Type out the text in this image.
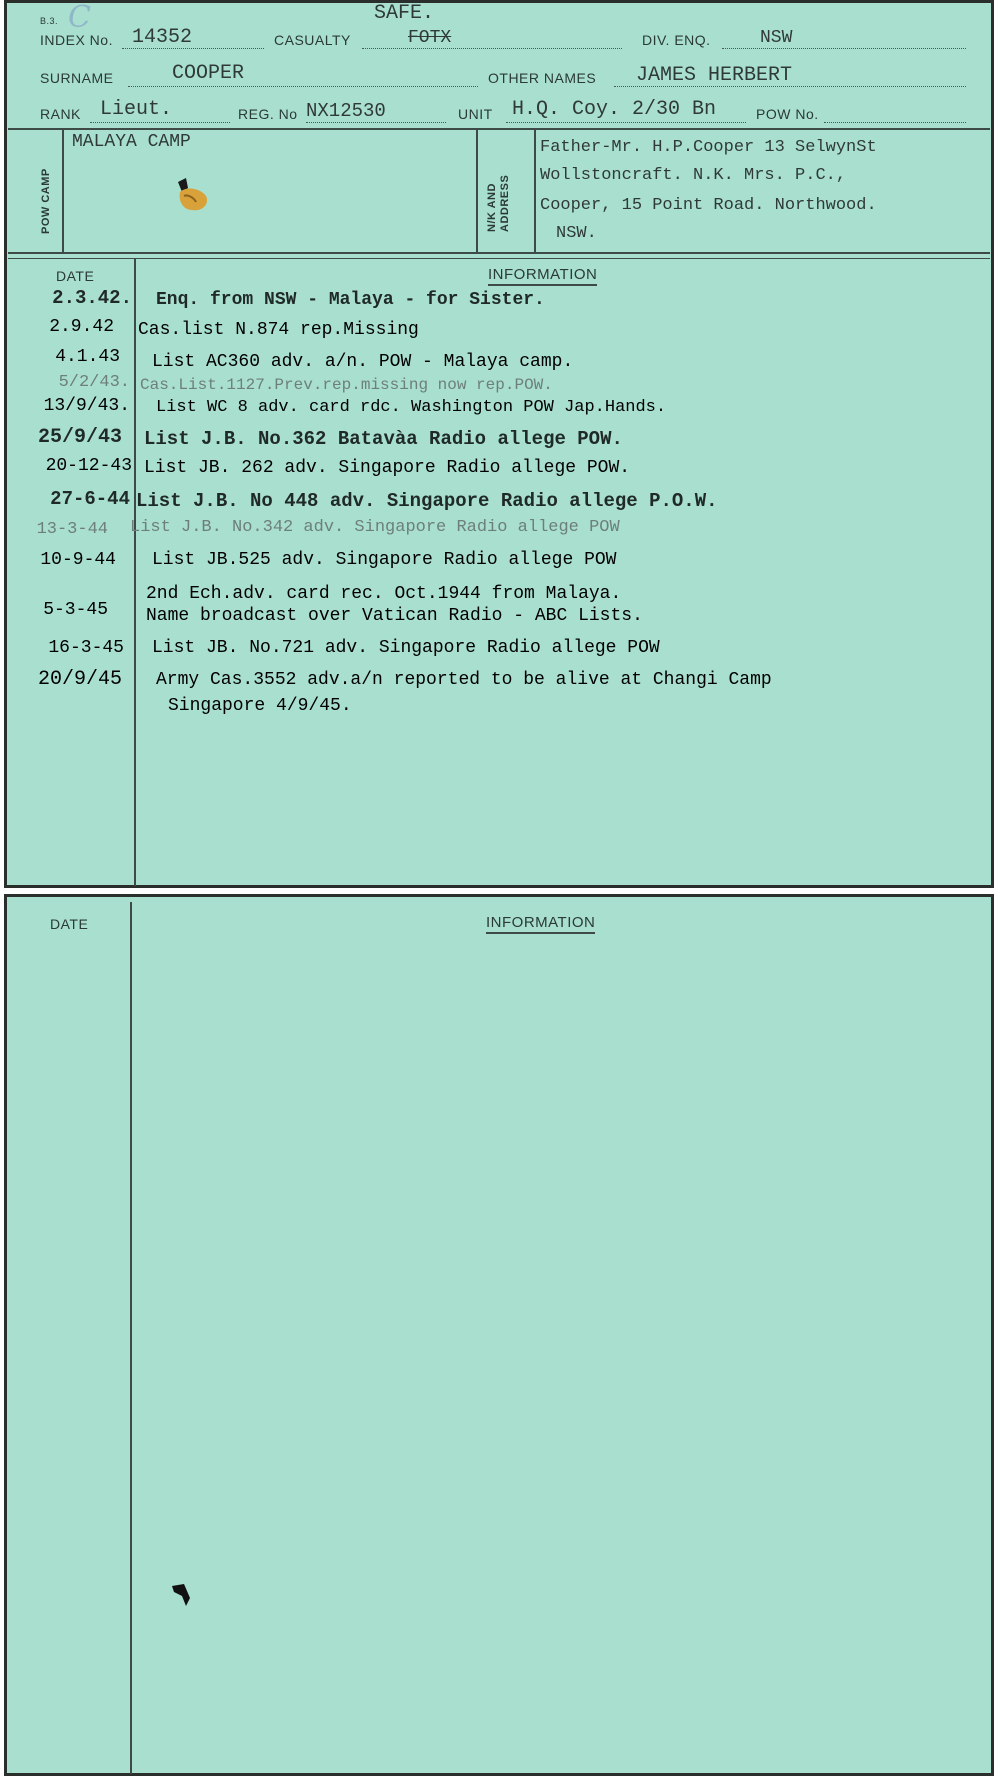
B.3. C	SAFE.
INDEX No. 14352	CASUALTY	FOTX	DIV. ENQ.	NSW
SURNAME	COOPER	OTHER NAMES JAMES HERBERT
RANK Lieut.	REG. No NX12530	UNIT H.Q. Coy. 2/30 Bn	POW No.
POW CAMP
MALAYA CAMP
N/K AND ADDRESS
Father-Mr. H.P.Cooper 13 SelwynSt
Wollstoncraft. N.K. Mrs. P.C.,
Cooper, 15 Point Road. Northwood.
NSW.
DATE	INFORMATION
2.3.42. Enq. from NSW - Malaya - for Sister.
2.9.42 Cas.list N.874 rep.Missing
4.1.43 List AC360 adv. a/n. POW - Malaya camp.
5/2/43. Cas.List.1127.Prev.rep.missing now rep.POW.
13/9/43. List WC 8 adv. card rdc. Washington POW Jap.Hands.
25/9/43 List J.B. No.362 Batavàa Radio allege POW.
20-12-43 List JB. 262 adv. Singapore Radio allege POW.
27-6-44 List J.B. No 448 adv. Singapore Radio allege P.O.W.
13-3-44 List J.B. No.342 adv. Singapore Radio allege POW
10-9-44 List JB.525 adv. Singapore Radio allege POW
5-3-45
2nd Ech.adv. card rec. Oct.1944 from Malaya.
Name broadcast over Vatican Radio - ABC Lists.
16-3-45 List JB. No.721 adv. Singapore Radio allege POW
20/9/45 Army Cas.3552 adv.a/n reported to be alive at Changi Camp
Singapore 4/9/45.
DATE	INFORMATION
